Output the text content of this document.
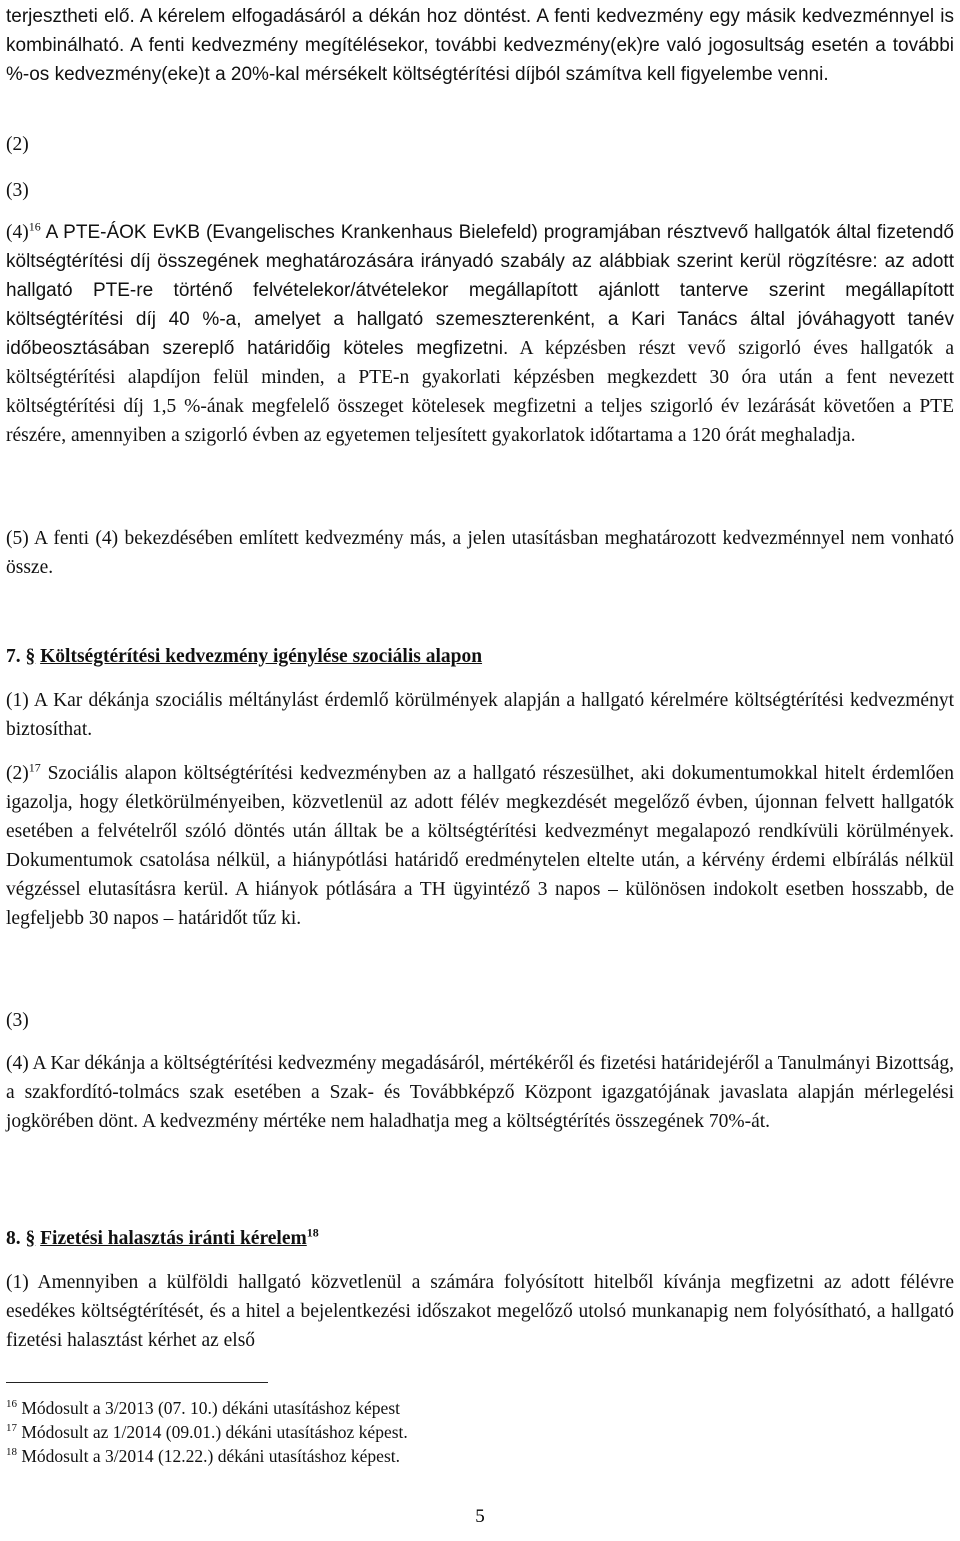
terjesztheti elő. A kérelem elfogadásáról a dékán hoz döntést. A fenti kedvezmény egy másik kedvezménnyel is kombinálható. A fenti kedvezmény megítélésekor, további kedvezmény(ek)re való jogosultság esetén a további %-os kedvezmény(eke)t a 20%-kal mérsékelt költségtérítési díjból számítva kell figyelembe venni.

(2)

(3)

$(4)^{16}$ A PTE-ÁOK EvKB (Evangelisches Krankenhaus Bielefeld) programjában résztvevő hallgatók által fizetendő költségtérítési díj összegének meghatározására irányadó szabály az alábbiak szerint kerül rögzítésre: az adott hallgató PTE-re történő felvételekor/átvételekor megállapított ajánlott tanterve szerint megállapított költségtérítési díj 40 %-a, amelyet a hallgató szemeszterenként, a Kari Tanács által jóváhagyott tanév időbeosztásában szereplő határidőig köteles megfizetni. A képzésben részt vevő szigorló éves hallgatók a költségtérítési alapdíjon felül minden, a PTE-n gyakorlati képzésben megkezdett 30 óra után a fent nevezett költségtérítési díj 1,5 %-ának megfelelő összeget kötelesek megfizetni a teljes szigorló év lezárását követően a PTE részére, amennyiben a szigorló évben az egyetemen teljesített gyakorlatok időtartama a 120 órát meghaladja.

(5) A fenti (4) bekezdésében említett kedvezmény más, a jelen utasításban meghatározott kedvezménnyel nem vonható össze.

7. § Költségtérítési kedvezmény igénylése szociális alapon

(1) A Kar dékánja szociális méltánylást érdemlő körülmények alapján a hallgató kérelmére költségtérítési kedvezményt biztosíthat.

$(2)^{17}$ Szociális alapon költségtérítési kedvezményben az a hallgató részesülhet, aki dokumentumokkal hitelt érdemlően igazolja, hogy életkörülményeiben, közvetlenül az adott félév megkezdését megelőző évben, újonnan felvett hallgatók esetében a felvételről szóló döntés után álltak be a költségtérítési kedvezményt megalapozó rendkívüli körülmények. Dokumentumok csatolása nélkül, a hiánypótlási határidő eredménytelen eltelte után, a kérvény érdemi elbírálás nélkül végzéssel elutasításra kerül. A hiányok pótlására a TH ügyintéző 3 napos – különösen indokolt esetben hosszabb, de legfeljebb 30 napos – határidőt tűz ki.

(3)

(4) A Kar dékánja a költségtérítési kedvezmény megadásáról, mértékéről és fizetési határidejéről a Tanulmányi Bizottság, a szakfordító-tolmács szak esetében a Szak- és Továbbképző Központ igazgatójának javaslata alapján mérlegelési jogkörében dönt. A kedvezmény mértéke nem haladhatja meg a költségtérítés összegének 70%-át.

8. § Fizetési halasztás iránti kérelem$^{18}$

(1) Amennyiben a külföldi hallgató közvetlenül a számára folyósított hitelből kívánja megfizetni az adott félévre esedékes költségtérítését, és a hitel a bejelentkezési időszakot megelőző utolsó munkanapig nem folyósítható, a hallgató fizetési halasztást kérhet az első

$^{16}$ Módosult a 3/2013 (07. 10.) dékáni utasításhoz képest
$^{17}$ Módosult az 1/2014 (09.01.) dékáni utasításhoz képest.
$^{18}$ Módosult a 3/2014 (12.22.) dékáni utasításhoz képest.
5
